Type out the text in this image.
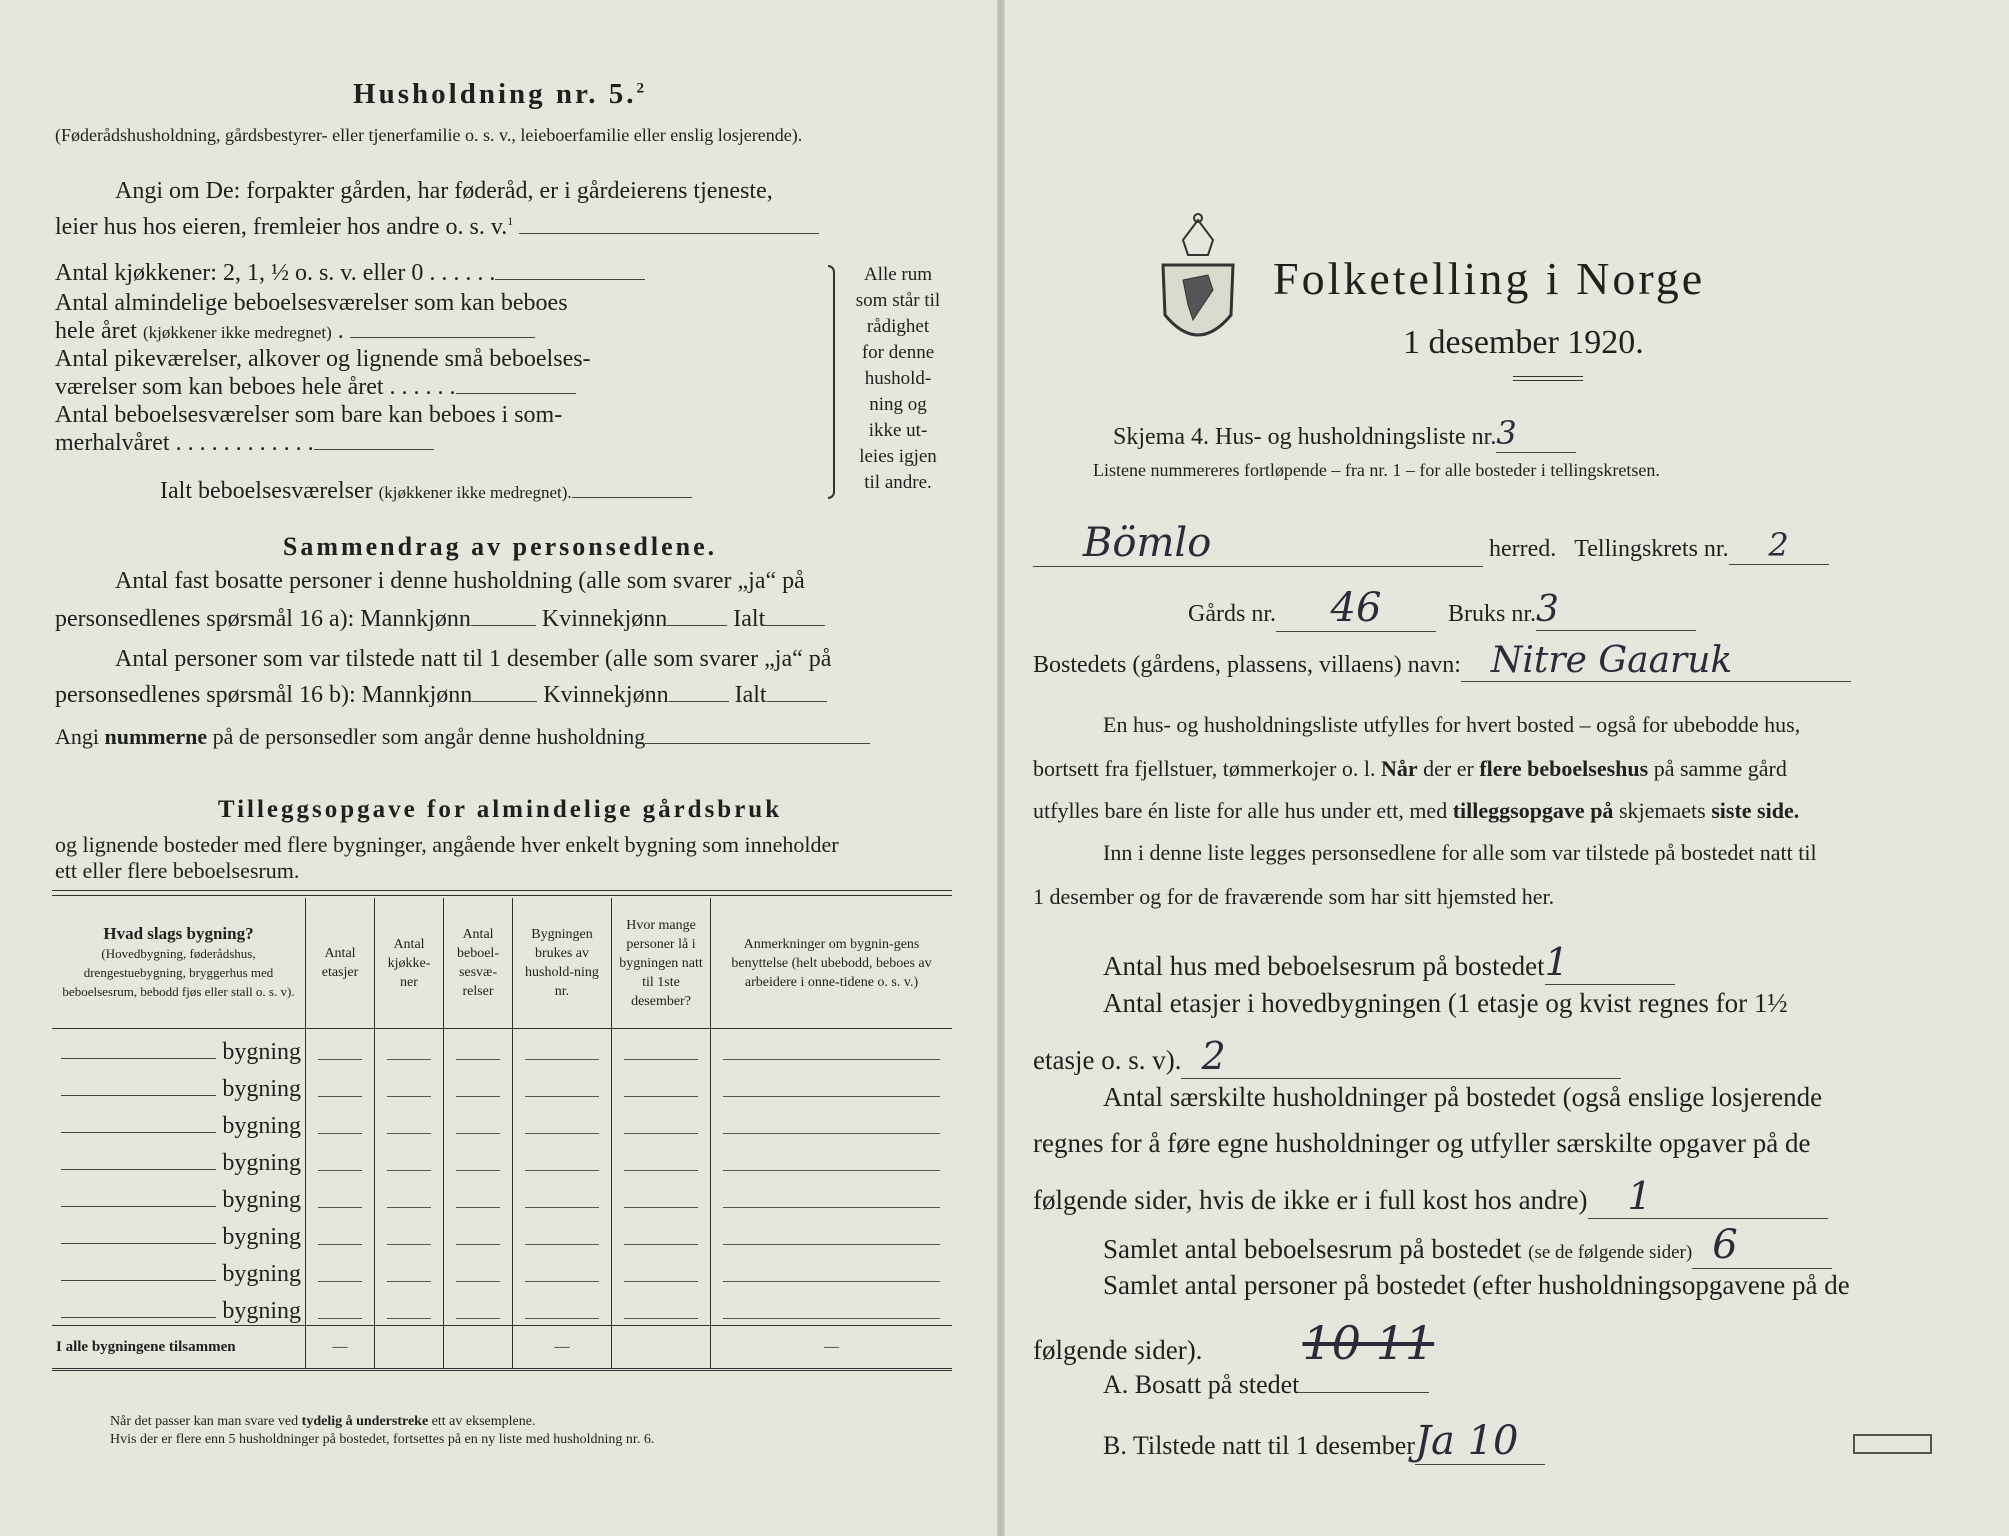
Husholdning nr. 5.$^2$
(Føderådshusholdning, gårdsbestyrer- eller tjenerfamilie o. s. v., leieboerfamilie eller enslig losjerende).
Angi om De: forpakter gården, har føderåd, er i gårdeierens tjeneste,
leier hus hos eieren, fremleier hos andre o. s. v.$^1$
Antal kjøkkener: 2, 1, ½ o. s. v. eller 0 . . . . . .
Antal almindelige beboelsesværelser som kan beboes
hele året (kjøkkener ikke medregnet) .
Antal pikeværelser, alkover og lignende små beboelses-
værelser som kan beboes hele året . . . . . .
Antal beboelsesværelser som bare kan beboes i som-
merhalvåret . . . . . . . . . . . .
Ialt beboelsesværelser (kjøkkener ikke medregnet).
Alle rum
som står til
rådighet
for denne
hushold-
ning og
ikke ut-
leies igjen
til andre.
Sammendrag av personsedlene.
Antal fast bosatte personer i denne husholdning (alle som svarer „ja“ på
personsedlenes spørsmål 16 a): Mannkjønn	Kvinnekjønn	Ialt
Antal personer som var tilstede natt til 1 desember (alle som svarer „ja“ på
personsedlenes spørsmål 16 b): Mannkjønn	Kvinnekjønn	Ialt
Angi nummerne på de personsedler som angår denne husholdning
Tilleggsopgave for almindelige gårdsbruk
og lignende bosteder med flere bygninger, angående hver enkelt bygning som inneholder
ett eller flere beboelsesrum.
Hvad slags bygning?
(Hovedbygning, føderådshus, drengestuebygning, bryggerhus med beboelsesrum, bebodd fjøs eller stall o. s. v).	Antal etasjer	Antal kjøkke-ner	Antal beboel-sesvæ-relser	Bygningen brukes av hushold-ning nr.	Hvor mange personer lå i bygningen natt til 1ste desember?	Anmerkninger om bygnin-gens benyttelse (helt ubebodd, beboes av arbeidere i onne-tidene o. s. v.)
bygning	

bygning	

bygning	

bygning	

bygning	

bygning	

bygning	

bygning	

I alle bygningene tilsammen	—			—		—
Når det passer kan man svare ved tydelig å understreke ett av eksemplene.
Hvis der er flere enn 5 husholdninger på bostedet, fortsettes på en ny liste med husholdning nr. 6.
Folketelling i Norge
1 desember 1920.
Skjema 4. Hus- og husholdningsliste nr.3
Listene nummereres fortløpende – fra nr. 1 – for alle bosteder i tellingskretsen.
Bömlo	herred. Tellingskrets nr. 2
Gårds nr. 46	Bruks nr.3
Bostedets (gårdens, plassens, villaens) navn: Nitre Gaaruk
En hus- og husholdningsliste utfylles for hvert bosted – også for ubebodde hus,
bortsett fra fjellstuer, tømmerkojer o. l. Når der er flere beboelseshus på samme gård
utfylles bare én liste for alle hus under ett, med tilleggsopgave på skjemaets siste side.
Inn i denne liste legges personsedlene for alle som var tilstede på bostedet natt til
1 desember og for de fraværende som har sitt hjemsted her.
Antal hus med beboelsesrum på bostedet1
Antal etasjer i hovedbygningen (1 etasje og kvist regnes for 1½
etasje o. s. v). 2
Antal særskilte husholdninger på bostedet (også enslige losjerende
regnes for å føre egne husholdninger og utfyller særskilte opgaver på de
følgende sider, hvis de ikke er i full kost hos andre) 1
Samlet antal beboelsesrum på bostedet (se de følgende sider) 6
Samlet antal personer på bostedet (efter husholdningsopgavene på de
følgende sider). 10 11
A. Bosatt på stedet
B. Tilstede natt til 1 desemberJa 10
